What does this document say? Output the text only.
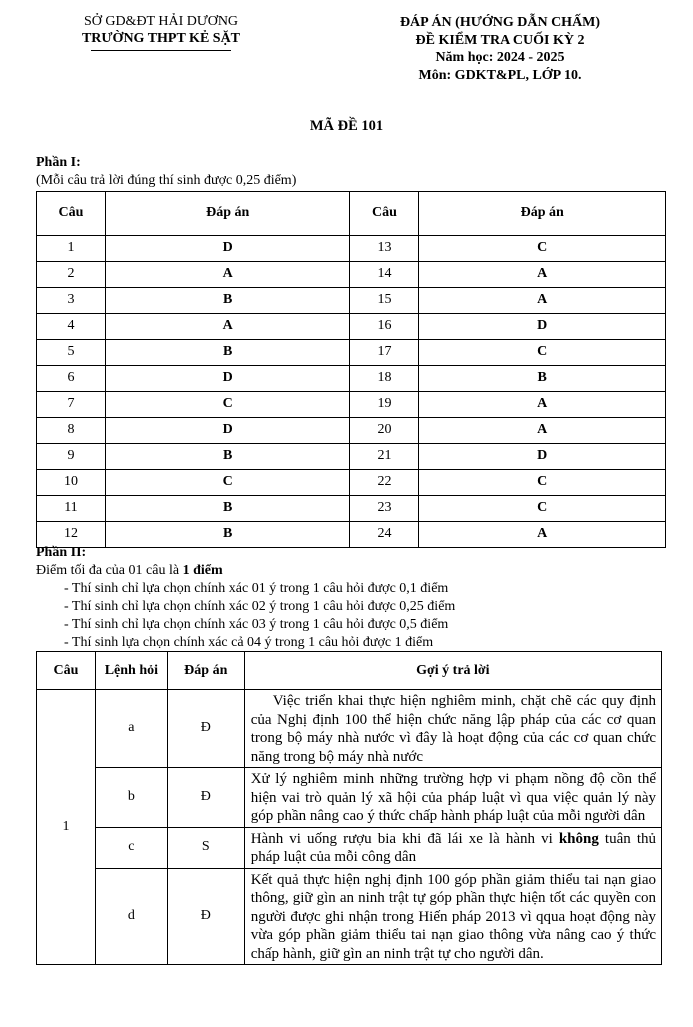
SỞ GD&ĐT HẢI DƯƠNG
TRƯỜNG THPT KẺ SẶT
ĐÁP ÁN (HƯỚNG DẪN CHẤM)
ĐỀ KIỂM TRA CUỐI KỲ 2
Năm học: 2024 - 2025
Môn: GDKT&PL, LỚP 10.
MÃ ĐỀ 101
Phần I:
(Mỗi câu trả lời đúng thí sinh được 0,25 điểm)
Câu	Đáp án	Câu	Đáp án
1	D	13	C
2	A	14	A
3	B	15	A
4	A	16	D
5	B	17	C
6	D	18	B
7	C	19	A
8	D	20	A
9	B	21	D
10	C	22	C
11	B	23	C
12	B	24	A
Phần II:
Điểm tối đa của 01 câu là 1 điểm
- Thí sinh chỉ lựa chọn chính xác 01 ý trong 1 câu hỏi được 0,1 điểm
- Thí sinh chỉ lựa chọn chính xác 02 ý trong 1 câu hỏi được 0,25 điểm
- Thí sinh chỉ lựa chọn chính xác 03 ý trong 1 câu hỏi được 0,5 điểm
- Thí sinh lựa chọn chính xác cả 04 ý trong 1 câu hỏi được 1 điểm
Câu	Lệnh hỏi	Đáp án	Gợi ý trả lời
1	a	Đ	Việc triển khai thực hiện nghiêm minh, chặt chẽ các quy định của Nghị định 100 thể hiện chức năng lập pháp của các cơ quan trong bộ máy nhà nước vì đây là hoạt động của các cơ quan chức năng trong bộ máy nhà nước
	b	Đ	Xử lý nghiêm minh những trường hợp vi phạm nồng độ cồn thể hiện vai trò quản lý xã hội của pháp luật vì qua việc quản lý này góp phần nâng cao ý thức chấp hành pháp luật của mỗi người dân
	c	S	Hành vi uống rượu bia khi đã lái xe là hành vi không tuân thủ pháp luật của mỗi công dân
	d	Đ	Kết quả thực hiện nghị định 100 góp phần giảm thiểu tai nạn giao thông, giữ gìn an ninh trật tự góp phần thực hiện tốt các quyền con người được ghi nhận trong Hiến pháp 2013 vì qqua hoạt động này vừa góp phần giảm thiểu tai nạn giao thông vừa nâng cao ý thức chấp hành, giữ gìn an ninh trật tự cho người dân.
